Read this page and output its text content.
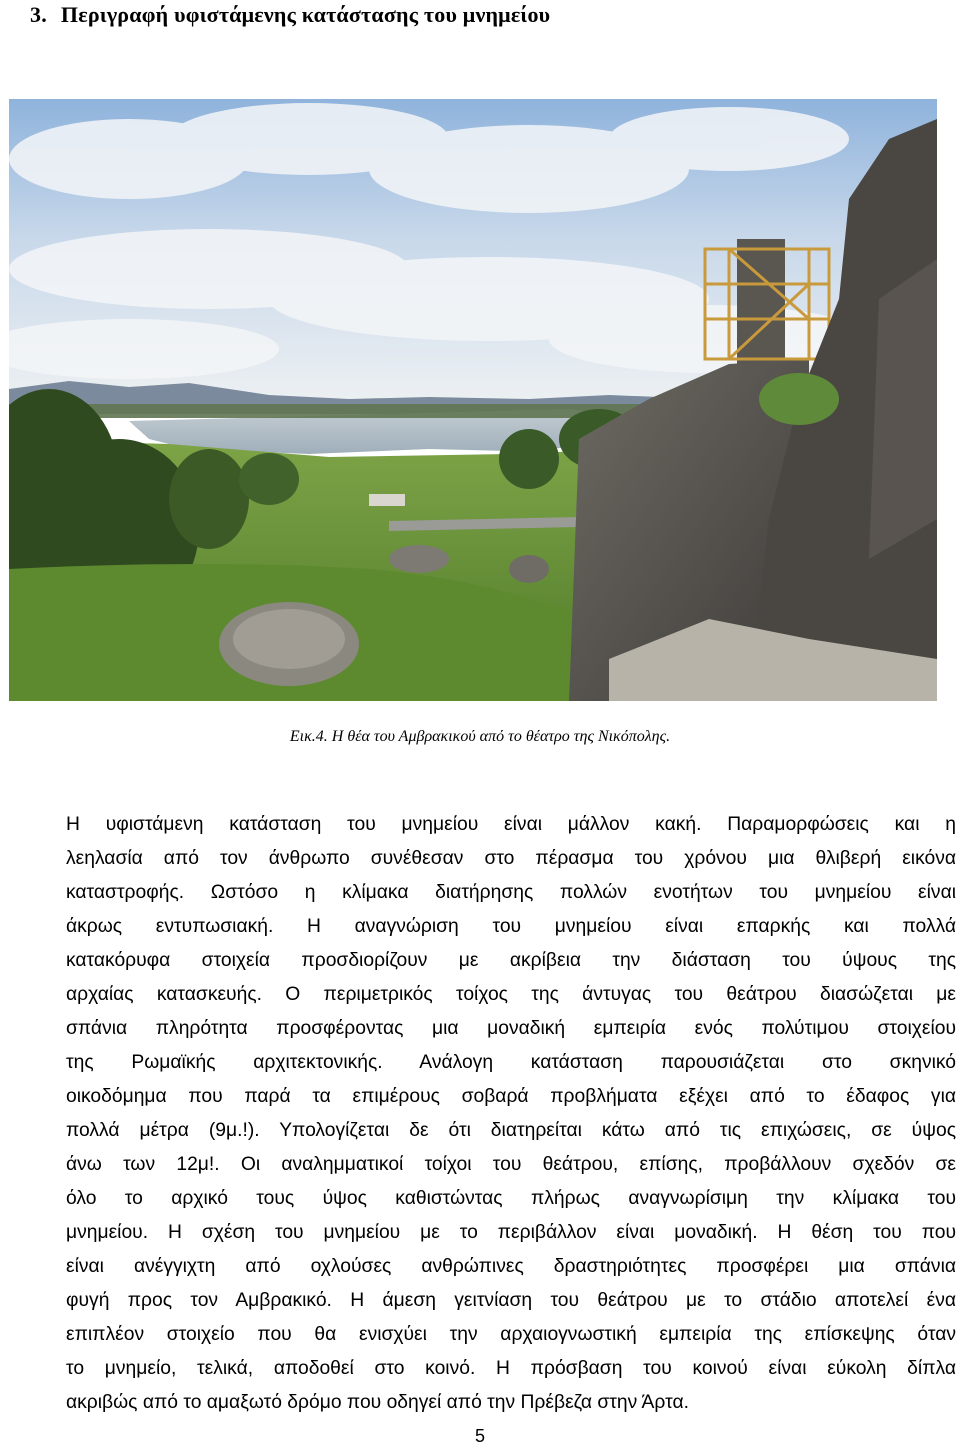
3. Περιγραφή υφιστάμενης κατάστασης του μνημείου
Εικ.4. Η θέα του Αμβρακικού από το θέατρο της Νικόπολης.
Η υφιστάμενη κατάσταση του μνημείου είναι μάλλον κακή. Παραμορφώσεις και η
λεηλασία από τον άνθρωπο συνέθεσαν στο πέρασμα του χρόνου μια θλιβερή εικόνα
καταστροφής. Ωστόσο η κλίμακα διατήρησης πολλών ενοτήτων του μνημείου είναι
άκρως εντυπωσιακή. Η αναγνώριση του μνημείου είναι επαρκής και πολλά
κατακόρυφα στοιχεία προσδιορίζουν με ακρίβεια την διάσταση του ύψους της
αρχαίας κατασκευής. Ο περιμετρικός τοίχος της άντυγας του θεάτρου διασώζεται με
σπάνια πληρότητα προσφέροντας μια μοναδική εμπειρία ενός πολύτιμου στοιχείου
της Ρωμαϊκής αρχιτεκτονικής. Ανάλογη κατάσταση παρουσιάζεται στο σκηνικό
οικοδόμημα που παρά τα επιμέρους σοβαρά προβλήματα εξέχει από το έδαφος για
πολλά μέτρα (9μ.!). Υπολογίζεται δε ότι διατηρείται κάτω από τις επιχώσεις, σε ύψος
άνω των 12μ!. Οι αναλημματικοί τοίχοι του θεάτρου, επίσης, προβάλλουν σχεδόν σε
όλο το αρχικό τους ύψος καθιστώντας πλήρως αναγνωρίσιμη την κλίμακα του
μνημείου. Η σχέση του μνημείου με το περιβάλλον είναι μοναδική. Η θέση του που
είναι ανέγγιχτη από οχλούσες ανθρώπινες δραστηριότητες προσφέρει μια σπάνια
φυγή προς τον Αμβρακικό. Η άμεση γειτνίαση του θεάτρου με το στάδιο αποτελεί ένα
επιπλέον στοιχείο που θα ενισχύει την αρχαιογνωστική εμπειρία της επίσκεψης όταν
το μνημείο, τελικά, αποδοθεί στο κοινό. Η πρόσβαση του κοινού είναι εύκολη δίπλα
ακριβώς από το αμαξωτό δρόμο που οδηγεί από την Πρέβεζα στην Άρτα.
5
